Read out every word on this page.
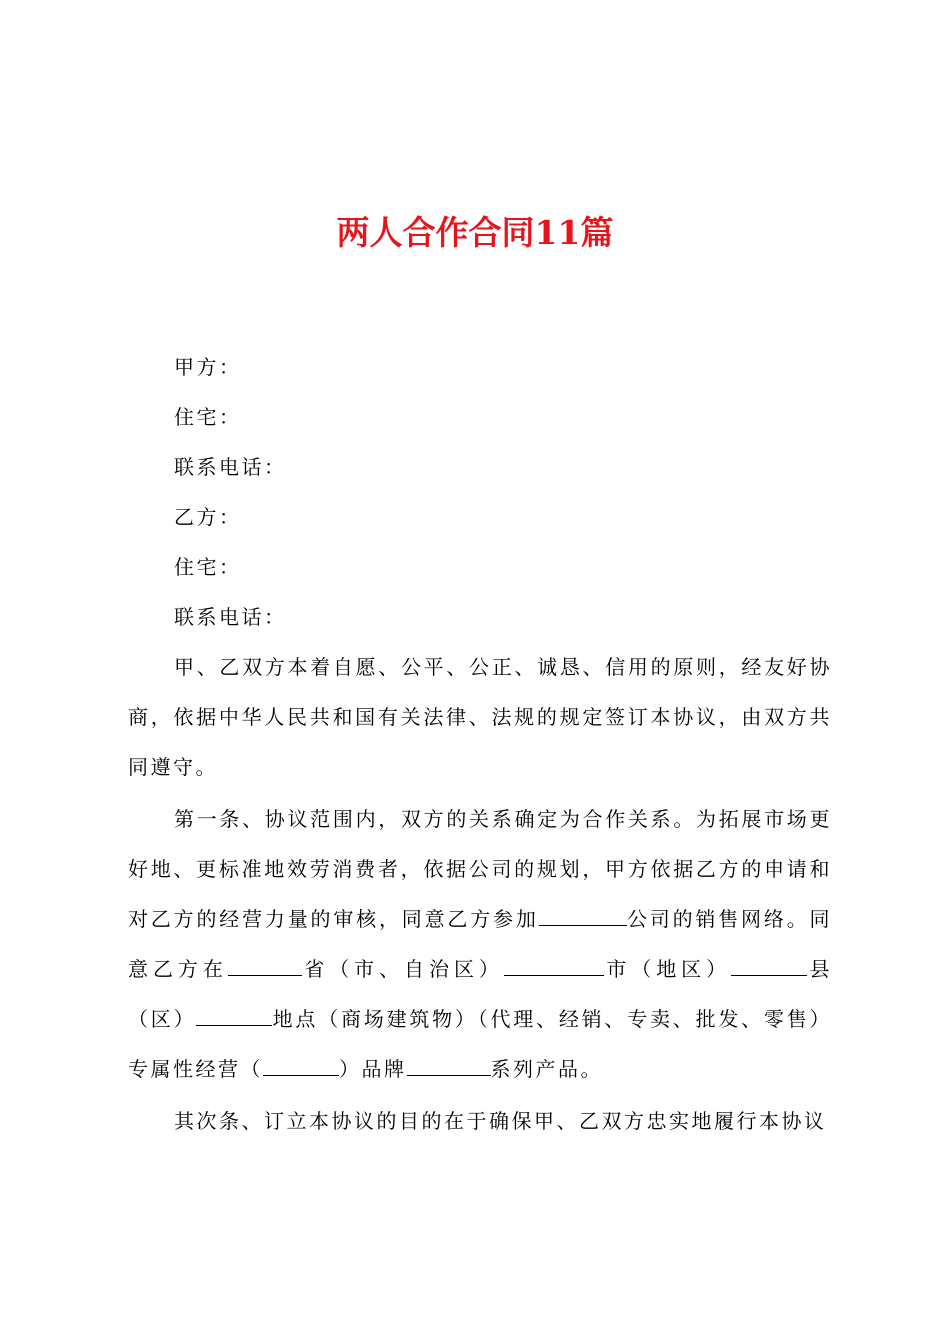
两人合作合同11篇

甲方：

住宅：

联系电话：

乙方：

住宅：

联系电话：

甲、乙双方本着自愿、公平、公正、诚恳、信用的原则，经友好协商，依据中华人民共和国有关法律、法规的规定签订本协议，由双方共同遵守。

第一条、协议范围内，双方的关系确定为合作关系。为拓展市场更好地、更标准地效劳消费者，依据公司的规划，甲方依据乙方的申请和对乙方的经营力量的审核，同意乙方参加	公司的销售网络。同意乙方在	省（市、自治区）	市（地区）	县（区）	地点（商场建筑物）（代理、经销、专卖、批发、零售）专属性经营（	）品牌	系列产品。

其次条、订立本协议的目的在于确保甲、乙双方忠实地履行本协议
